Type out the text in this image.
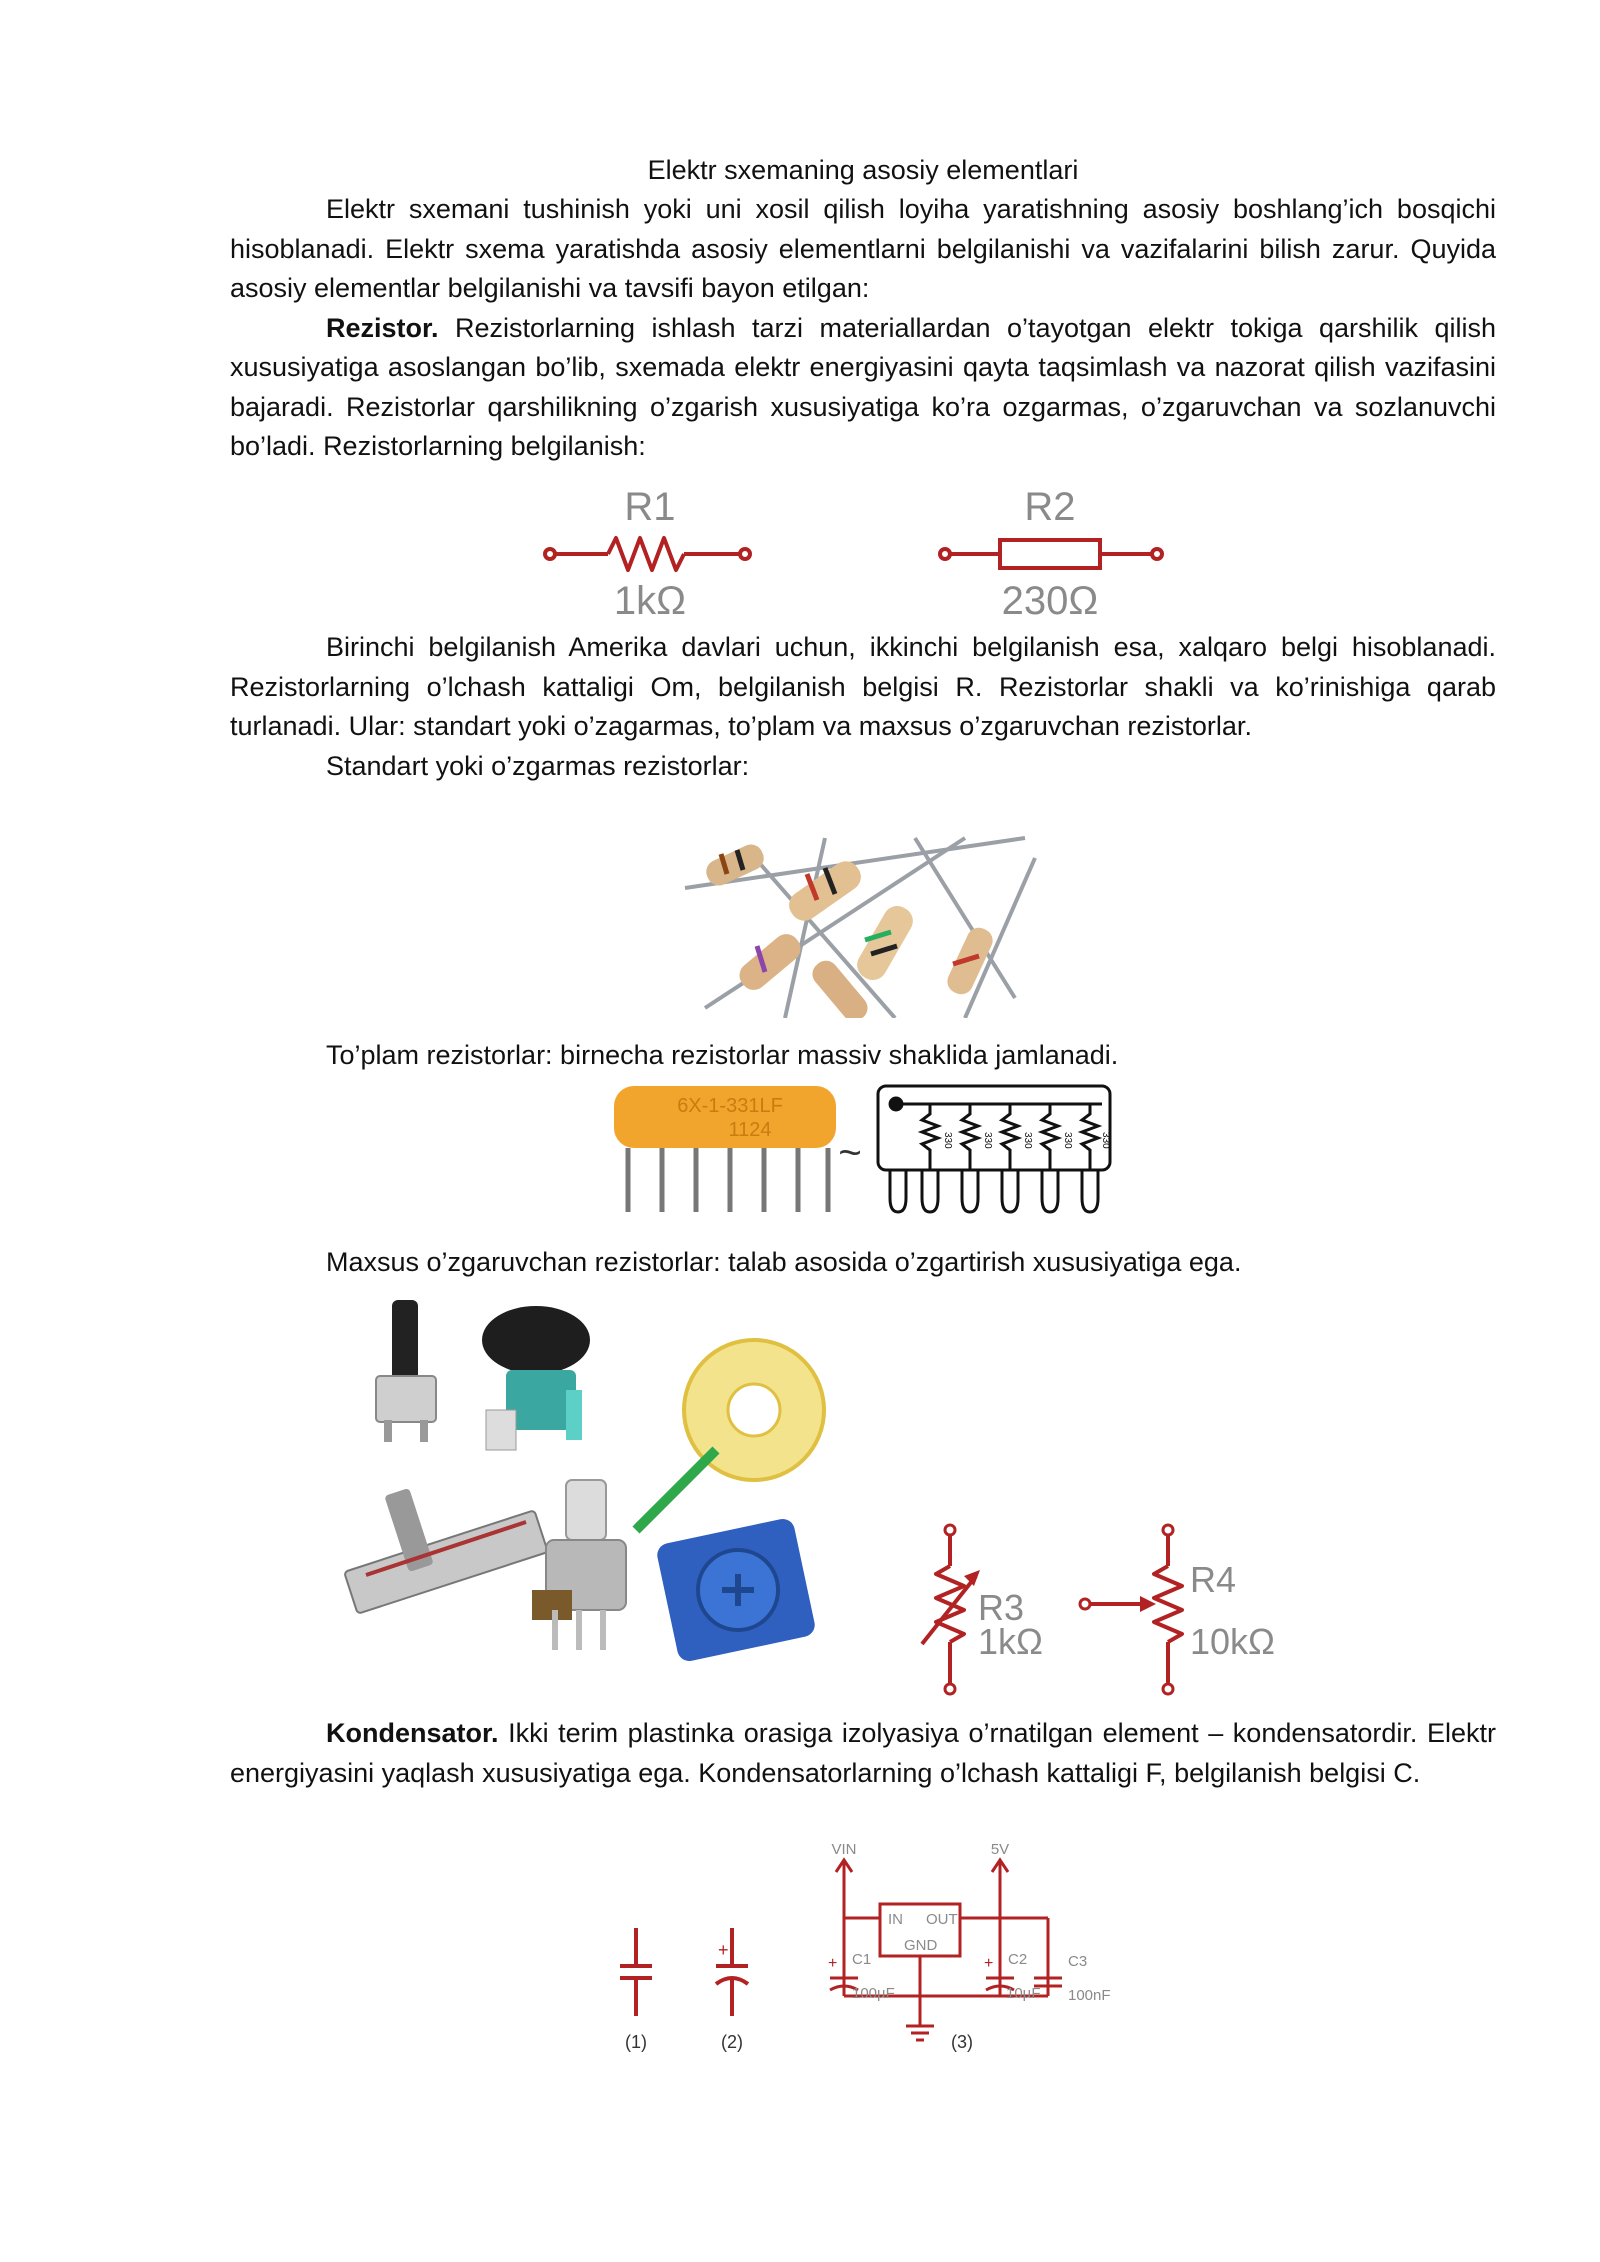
Elektr sxemaning asosiy elementlari

Elektr sxemani tushinish yoki uni xosil qilish loyiha yaratishning asosiy boshlang’ich bosqichi hisoblanadi. Elektr sxema yaratishda asosiy elementlarni belgilanishi va vazifalarini bilish zarur. Quyida asosiy elementlar belgilanishi va tavsifi bayon etilgan:

Rezistor. Rezistorlarning ishlash tarzi materiallardan o’tayotgan elektr tokiga qarshilik qilish xususiyatiga asoslangan bo’lib, sxemada elektr energiyasini qayta taqsimlash va nazorat qilish vazifasini bajaradi. Rezistorlar qarshilikning o’zgarish xususiyatiga ko’ra ozgarmas, o’zgaruvchan va sozlanuvchi bo’ladi. Rezistorlarning belgilanish:

R1
1kΩ
R2
230Ω

Birinchi belgilanish Amerika davlari uchun, ikkinchi belgilanish esa, xalqaro belgi hisoblanadi. Rezistorlarning o’lchash kattaligi Om, belgilanish belgisi R. Rezistorlar shakli va ko’rinishiga qarab turlanadi. Ular: standart yoki o’zagarmas, to’plam va maxsus o’zgaruvchan rezistorlar.

Standart yoki o’zgarmas rezistorlar:

To’plam rezistorlar: birnecha rezistorlar massiv shaklida jamlanadi.

6X-1-331LF
1124
~	330	330	330	330	330

Maxsus o’zgaruvchan rezistorlar: talab asosida o’zgartirish xususiyatiga ega.

R3
1kΩ
R4
10kΩ

Kondensator. Ikki terim plastinka orasiga izolyasiya o’rnatilgan element – kondensatordir. Elektr energiyasini yaqlash xususiyatiga ega. Kondensatorlarning o’lchash kattaligi F, belgilanish belgisi C.

(1)
+
(2)
VIN	5V
IN OUT
GND
C1
100µF
C2
10µF
C3
100nF
+	+
(3)
